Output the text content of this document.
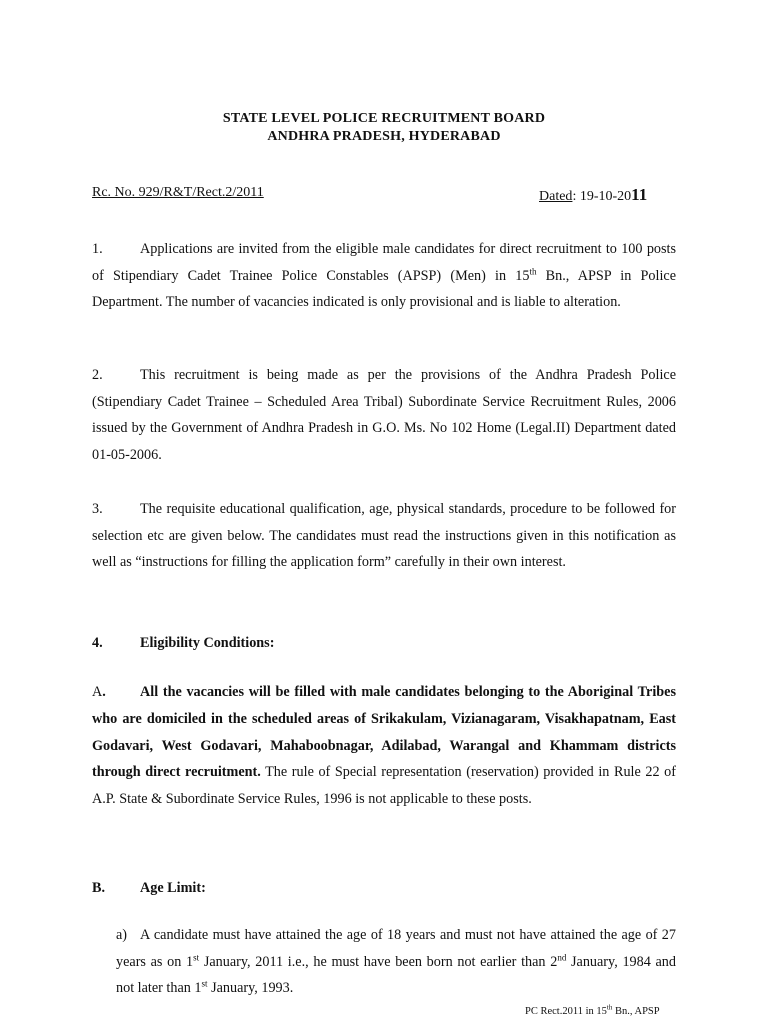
STATE LEVEL POLICE RECRUITMENT BOARD
ANDHRA PRADESH, HYDERABAD
Rc. No. 929/R&T/Rect.2/2011	Dated: 19-10-2011
1.	Applications are invited from the eligible male candidates for direct recruitment to 100 posts of Stipendiary Cadet Trainee Police Constables (APSP) (Men) in 15th Bn., APSP in Police Department. The number of vacancies indicated is only provisional and is liable to alteration.
2.	This recruitment is being made as per the provisions of the Andhra Pradesh Police (Stipendiary Cadet Trainee – Scheduled Area Tribal) Subordinate Service Recruitment Rules, 2006 issued by the Government of Andhra Pradesh in G.O. Ms. No 102 Home (Legal.II) Department dated 01-05-2006.
3.	The requisite educational qualification, age, physical standards, procedure to be followed for selection etc are given below. The candidates must read the instructions given in this notification as well as “instructions for filling the application form” carefully in their own interest.
4.	Eligibility Conditions:
A. All the vacancies will be filled with male candidates belonging to the Aboriginal Tribes who are domiciled in the scheduled areas of Srikakulam, Vizianagaram, Visakhapatnam, East Godavari, West Godavari, Mahaboobnagar, Adilabad, Warangal and Khammam districts through direct recruitment. The rule of Special representation (reservation) provided in Rule 22 of A.P. State & Subordinate Service Rules, 1996 is not applicable to these posts.
B. Age Limit:
a) A candidate must have attained the age of 18 years and must not have attained the age of 27 years as on 1st January, 2011 i.e., he must have been born not earlier than 2nd January, 1984 and not later than 1st January, 1993.
PC Rect.2011 in 15th Bn., APSP
